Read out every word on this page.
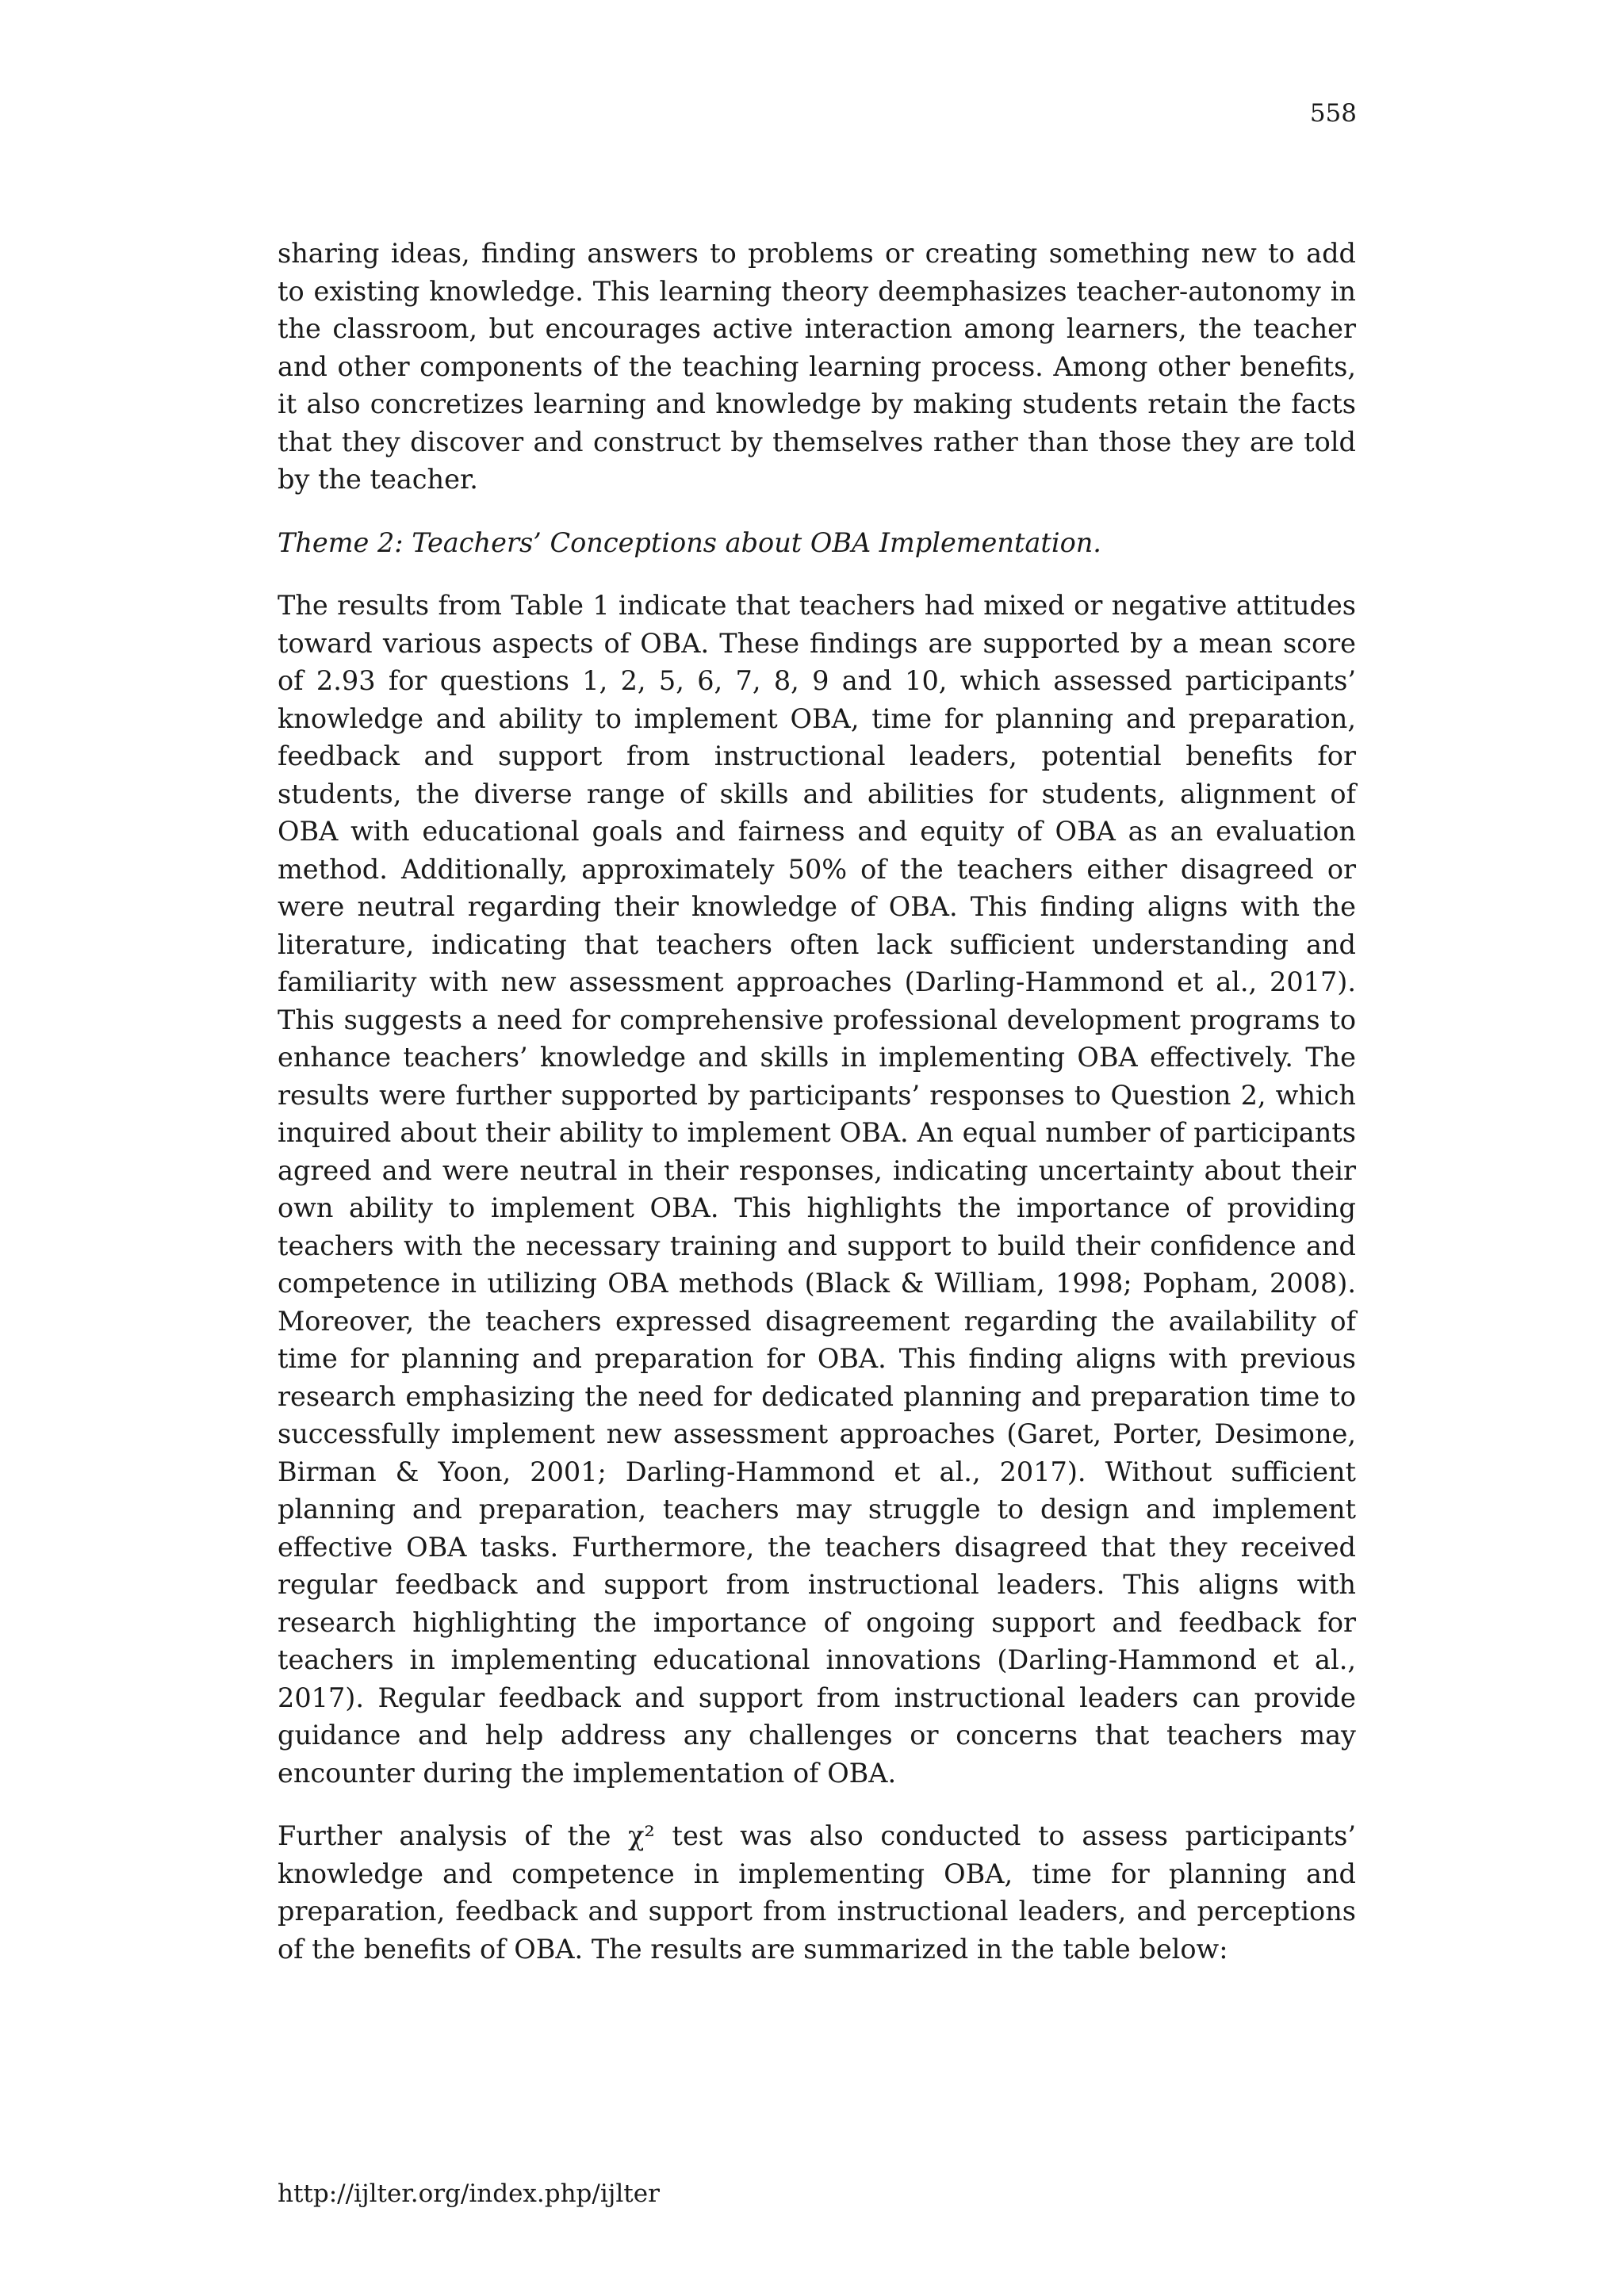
558

sharing ideas, finding answers to problems or creating something new to add to existing knowledge. This learning theory deemphasizes teacher-autonomy in the classroom, but encourages active interaction among learners, the teacher and other components of the teaching learning process. Among other benefits, it also concretizes learning and knowledge by making students retain the facts that they discover and construct by themselves rather than those they are told by the teacher.

Theme 2: Teachers’ Conceptions about OBA Implementation.

The results from Table 1 indicate that teachers had mixed or negative attitudes toward various aspects of OBA. These findings are supported by a mean score of 2.93 for questions 1, 2, 5, 6, 7, 8, 9 and 10, which assessed participants’ knowledge and ability to implement OBA, time for planning and preparation, feedback and support from instructional leaders, potential benefits for students, the diverse range of skills and abilities for students, alignment of OBA with educational goals and fairness and equity of OBA as an evaluation method. Additionally, approximately 50% of the teachers either disagreed or were neutral regarding their knowledge of OBA. This finding aligns with the literature, indicating that teachers often lack sufficient understanding and familiarity with new assessment approaches (Darling-Hammond et al., 2017). This suggests a need for comprehensive professional development programs to enhance teachers’ knowledge and skills in implementing OBA effectively. The results were further supported by participants’ responses to Question 2, which inquired about their ability to implement OBA. An equal number of participants agreed and were neutral in their responses, indicating uncertainty about their own ability to implement OBA. This highlights the importance of providing teachers with the necessary training and support to build their confidence and competence in utilizing OBA methods (Black & William, 1998; Popham, 2008). Moreover, the teachers expressed disagreement regarding the availability of time for planning and preparation for OBA. This finding aligns with previous research emphasizing the need for dedicated planning and preparation time to successfully implement new assessment approaches (Garet, Porter, Desimone, Birman & Yoon, 2001; Darling-Hammond et al., 2017). Without sufficient planning and preparation, teachers may struggle to design and implement effective OBA tasks. Furthermore, the teachers disagreed that they received regular feedback and support from instructional leaders. This aligns with research highlighting the importance of ongoing support and feedback for teachers in implementing educational innovations (Darling-Hammond et al., 2017). Regular feedback and support from instructional leaders can provide guidance and help address any challenges or concerns that teachers may encounter during the implementation of OBA.

Further analysis of the χ² test was also conducted to assess participants’ knowledge and competence in implementing OBA, time for planning and preparation, feedback and support from instructional leaders, and perceptions of the benefits of OBA. The results are summarized in the table below:

http://ijlter.org/index.php/ijlter
